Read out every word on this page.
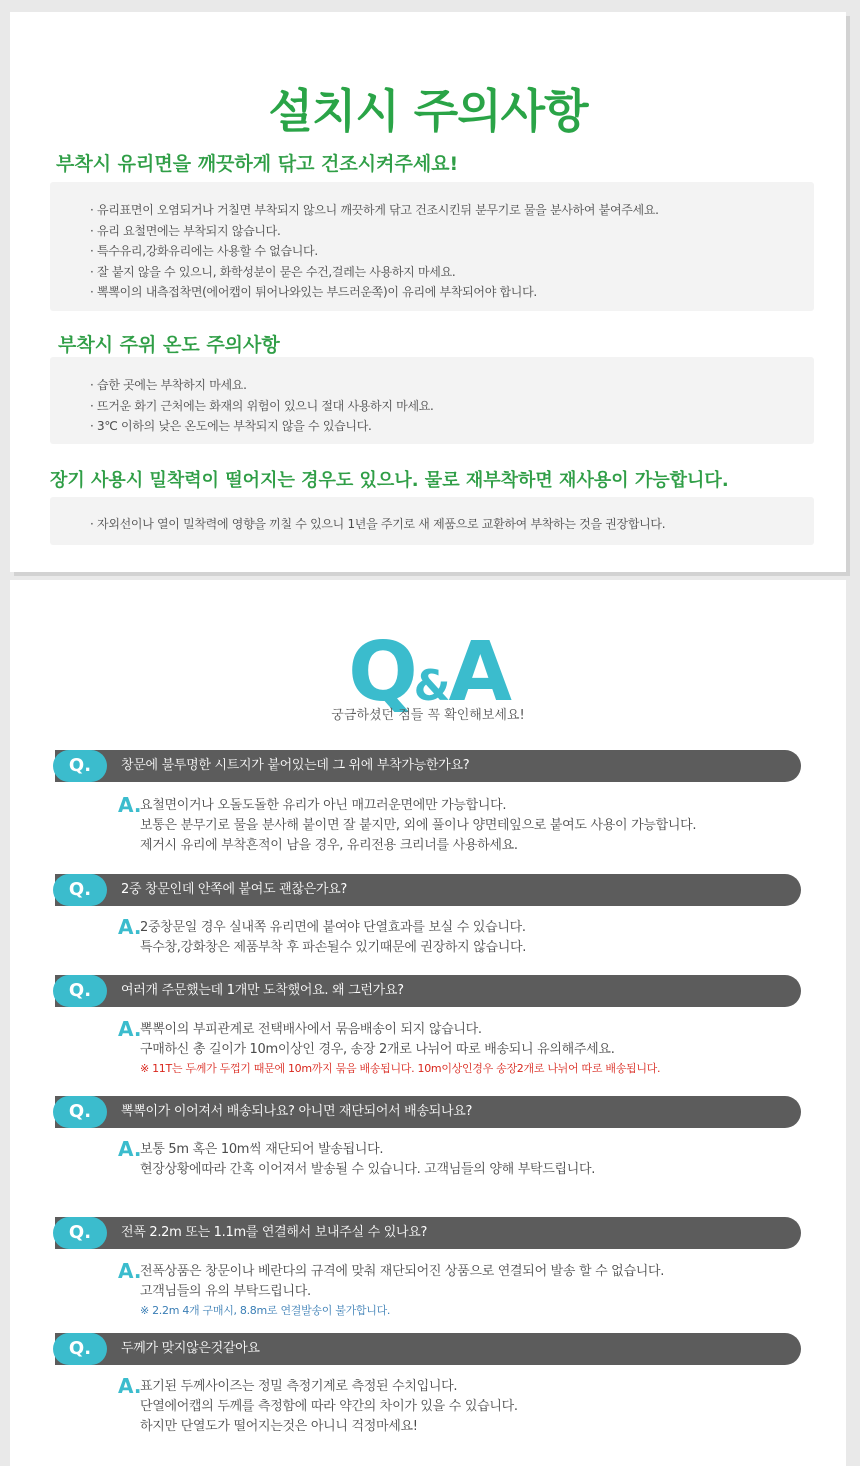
설치시 주의사항
부착시 유리면을 깨끗하게 닦고 건조시켜주세요!
· 유리표면이 오염되거나 거칠면 부착되지 않으니 깨끗하게 닦고 건조시킨뒤 분무기로 물을 분사하여 붙여주세요.
· 유리 요철면에는 부착되지 않습니다.
· 특수유리,강화유리에는 사용할 수 없습니다.
· 잘 붙지 않을 수 있으니, 화학성분이 묻은 수건,걸레는 사용하지 마세요.
· 뽁뽁이의 내측접착면(에어캡이 튀어나와있는 부드러운쪽)이 유리에 부착되어야 합니다.
부착시 주위 온도 주의사항
· 습한 곳에는 부착하지 마세요.
· 뜨거운 화기 근처에는 화재의 위험이 있으니 절대 사용하지 마세요.
· 3℃ 이하의 낮은 온도에는 부착되지 않을 수 있습니다.
장기 사용시 밀착력이 떨어지는 경우도 있으나. 물로 재부착하면 재사용이 가능합니다.
· 자외선이나 열이 밀착력에 영향을 끼칠 수 있으니 1년을 주기로 새 제품으로 교환하여 부착하는 것을 권장합니다.
Q&A
궁금하셨던 점들 꼭 확인해보세요!
Q.	창문에 불투명한 시트지가 붙어있는데 그 위에 부착가능한가요?
A.
요철면이거나 오돌도돌한 유리가 아닌 매끄러운면에만 가능합니다.
보통은 분무기로 물을 분사해 붙이면 잘 붙지만, 외에 풀이나 양면테잎으로 붙여도 사용이 가능합니다.
제거시 유리에 부착흔적이 남을 경우, 유리전용 크리너를 사용하세요.
Q.	2중 창문인데 안쪽에 붙여도 괜찮은가요?
A.
2중창문일 경우 실내쪽 유리면에 붙여야 단열효과를 보실 수 있습니다.
특수창,강화창은 제품부착 후 파손될수 있기때문에 권장하지 않습니다.
Q.	여러개 주문했는데 1개만 도착했어요. 왜 그런가요?
A.
뽁뽁이의 부피관계로 전택배사에서 묶음배송이 되지 않습니다.
구매하신 총 길이가 10m이상인 경우, 송장 2개로 나뉘어 따로 배송되니 유의해주세요.
※ 11T는 두께가 두껍기 때문에 10m까지 묶음 배송됩니다. 10m이상인경우 송장2개로 나뉘어 따로 배송됩니다.
Q.	뽁뽁이가 이어져서 배송되나요? 아니면 재단되어서 배송되나요?
A.
보통 5m 혹은 10m씩 재단되어 발송됩니다.
현장상황에따라 간혹 이어져서 발송될 수 있습니다. 고객님들의 양해 부탁드립니다.
Q.	전폭 2.2m 또는 1.1m를 연결해서 보내주실 수 있나요?
A.
전폭상품은 창문이나 베란다의 규격에 맞춰 재단되어진 상품으로 연결되어 발송 할 수 없습니다.
고객님들의 유의 부탁드립니다.
※ 2.2m 4개 구매시, 8.8m로 연결발송이 불가합니다.
Q.	두께가 맞지않은것같아요
A.
표기된 두께사이즈는 정밀 측정기계로 측정된 수치입니다.
단열에어캡의 두께를 측정함에 따라 약간의 차이가 있을 수 있습니다.
하지만 단열도가 떨어지는것은 아니니 걱정마세요!
